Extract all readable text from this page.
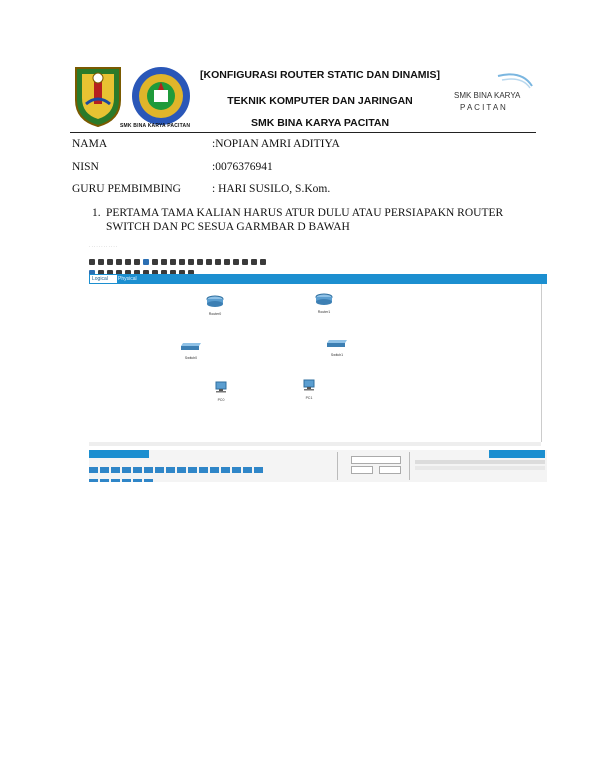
SMK BINA KARYA PACITAN
[KONFIGURASI ROUTER STATIC DAN DINAMIS]
TEKNIK KOMPUTER DAN JARINGAN
SMK BINA KARYA PACITAN
SMK BINA KARYA
P A C I T A N
NAMA	:NOPIAN AMRI ADITIYA
NISN	:0076376941
GURU PEMBIMBING	: HARI SUSILO, S.Kom.
1. PERTAMA TAMA KALIAN HARUS ATUR DULU ATAU PERSIAPAKN ROUTER SWITCH DAN PC SESUA GARMBAR D BAWAH
· · · · · · · · · · · ·
Logical	Physical
Router0	Router1
Switch0
Switch1
PC0	PC1
